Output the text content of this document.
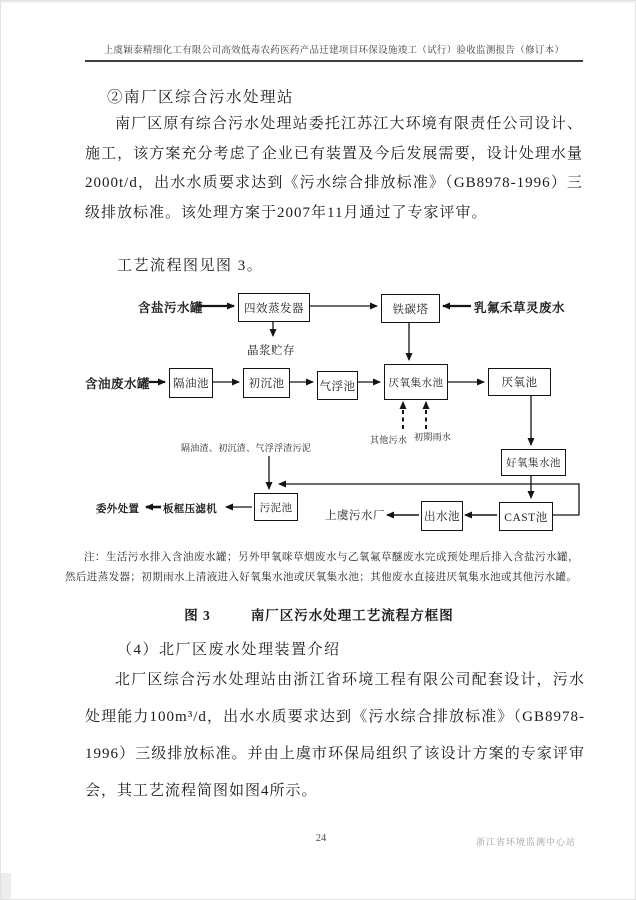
上虞颖泰精细化工有限公司高效低毒农药医药产品迁建项目环保设施竣工（试行）验收监测报告（修订本）
②南厂区综合污水处理站
南厂区原有综合污水处理站委托江苏江大环境有限责任公司设计、施工，该方案充分考虑了企业已有装置及今后发展需要，设计处理水量2000t/d，出水水质要求达到《污水综合排放标准》（GB8978-1996）三级排放标准。该处理方案于2007年11月通过了专家评审。
工艺流程图见图 3。
含盐污水罐	四效蒸发器	铁碳塔	乳氟禾草灵废水
晶浆贮存
含油废水罐	隔油池	初沉池	气浮池	厌氧集水池	厌氧池
其他污水 初期雨水
好氧集水池
隔油渣、初沉渣、气浮浮渣污泥
污泥池
CAST池
出水池
上虞污水厂
板框压滤机
委外处置
注：生活污水排入含油废水罐；另外甲氧咪草烟废水与乙氧氟草醚废水完成预处理后排入含盐污水罐，然后进蒸发器；初期雨水上清液进入好氧集水池或厌氧集水池；其他废水直接进厌氧集水池或其他污水罐。
图 3	南厂区污水处理工艺流程方框图
（4）北厂区废水处理装置介绍
北厂区综合污水处理站由浙江省环境工程有限公司配套设计，污水处理能力100m³/d，出水水质要求达到《污水综合排放标准》（GB8978-1996）三级排放标准。并由上虞市环保局组织了该设计方案的专家评审会，其工艺流程简图如图4所示。
24	浙江省环境监测中心站
